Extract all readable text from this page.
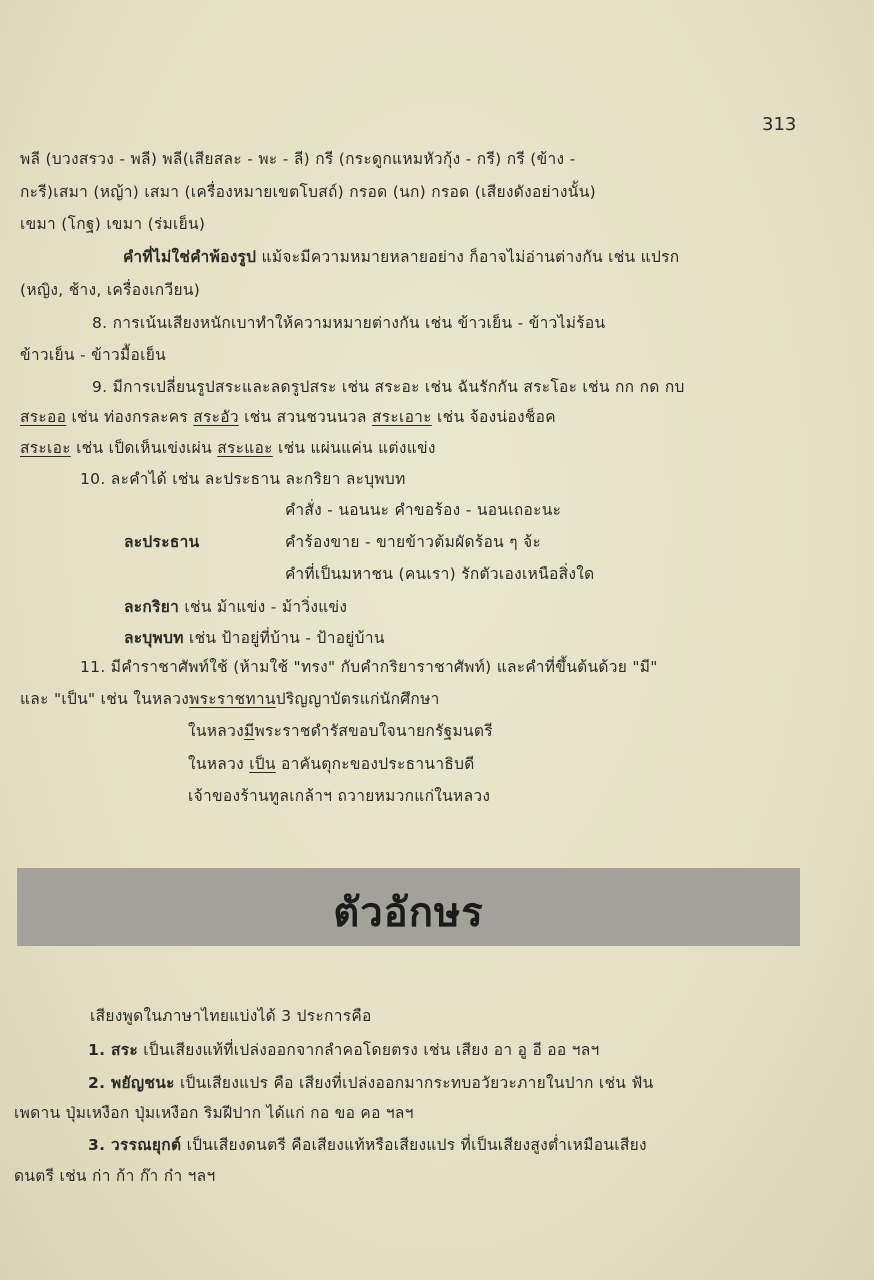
313
พลี (บวงสรวง - พลี) พลี(เสียสละ - พะ - ลี) กรี (กระดูกแหมหัวกุ้ง - กรี) กรี (ข้าง -
กะรี)เสมา (หญ้า) เสมา (เครื่องหมายเขตโบสถ์) กรอด (นก) กรอด (เสียงดังอย่างนั้น)
เขมา (โกฐ) เขมา (ร่มเย็น)
คำที่ไม่ใช่คำพ้องรูป แม้จะมีความหมายหลายอย่าง ก็อาจไม่อ่านต่างกัน เช่น แปรก
(หญิง, ช้าง, เครื่องเกวียน)
8. การเน้นเสียงหนักเบาทำให้ความหมายต่างกัน เช่น ข้าวเย็น - ข้าวไม่ร้อน
ข้าวเย็น - ข้าวมื้อเย็น
9. มีการเปลี่ยนรูปสระและลดรูปสระ เช่น สระอะ เช่น ฉันรักกัน สระโอะ เช่น กก กด กบ
สระออ เช่น ท่องกรละคร สระอัว เช่น สวนชวนนวล สระเอาะ เช่น จ้องน่องช็อค
สระเอะ เช่น เป็ดเห็นเข่งเผ่น สระแอะ เช่น แผ่นแค่น แต่งแข่ง
10. ละคำได้ เช่น ละประธาน ละกริยา ละบุพบท
คำสั่ง - นอนนะ คำขอร้อง - นอนเถอะนะ
ละประธาน	คำร้องขาย - ขายข้าวต้มผัดร้อน ๆ จ้ะ
คำที่เป็นมหาชน (คนเรา) รักตัวเองเหนือสิ่งใด
ละกริยา เช่น ม้าแข่ง - ม้าวิ่งแข่ง
ละบุพบท เช่น ป้าอยู่ที่บ้าน - ป้าอยู่บ้าน
11. มีคำราชาศัพท์ใช้ (ห้ามใช้ "ทรง" กับคำกริยาราชาศัพท์) และคำที่ขึ้นต้นด้วย "มี"
และ "เป็น" เช่น ในหลวงพระราชทานปริญญาบัตรแก่นักศึกษา
ในหลวงมีพระราชดำรัสขอบใจนายกรัฐมนตรี
ในหลวง เป็น อาคันตุกะของประธานาธิบดี
เจ้าของร้านทูลเกล้าฯ ถวายหมวกแก่ในหลวง
ตัวอักษร
เสียงพูดในภาษาไทยแบ่งได้ 3 ประการคือ
1. สระ เป็นเสียงแท้ที่เปล่งออกจากลำคอโดยตรง เช่น เสียง อา อู อี ออ ฯลฯ
2. พยัญชนะ เป็นเสียงแปร คือ เสียงที่เปล่งออกมากระทบอวัยวะภายในปาก เช่น ฟัน
เพดาน ปุ่มเหงือก ปุ่มเหงือก ริมฝีปาก ได้แก่ กอ ขอ คอ ฯลฯ
3. วรรณยุกต์ เป็นเสียงดนตรี คือเสียงแท้หรือเสียงแปร ที่เป็นเสียงสูงต่ำเหมือนเสียง
ดนตรี เช่น ก่า ก้า ก๊า ก๋า ฯลฯ
